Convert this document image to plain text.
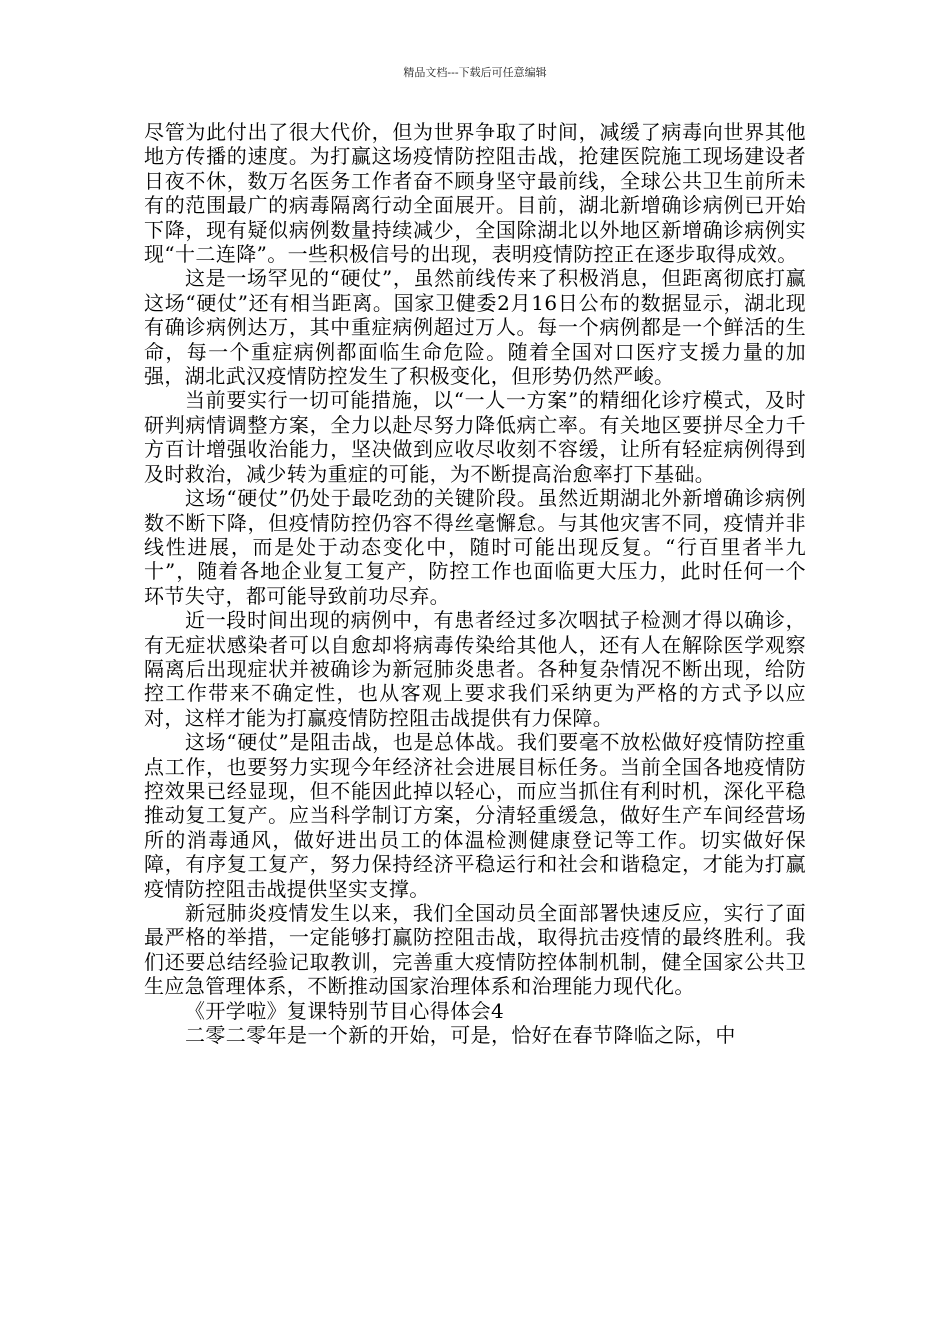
精品文档---下载后可任意编辑

尽管为此付出了很大代价，但为世界争取了时间，减缓了病毒向世界其他地方传播的速度。为打赢这场疫情防控阻击战，抢建医院施工现场建设者日夜不休，数万名医务工作者奋不顾身坚守最前线，全球公共卫生前所未有的范围最广的病毒隔离行动全面展开。目前，湖北新增确诊病例已开始下降，现有疑似病例数量持续减少，全国除湖北以外地区新增确诊病例实现“十二连降”。一些积极信号的出现，表明疫情防控正在逐步取得成效。

这是一场罕见的“硬仗”，虽然前线传来了积极消息，但距离彻底打赢这场“硬仗”还有相当距离。国家卫健委2月16日公布的数据显示，湖北现有确诊病例达万，其中重症病例超过万人。每一个病例都是一个鲜活的生命，每一个重症病例都面临生命危险。随着全国对口医疗支援力量的加强，湖北武汉疫情防控发生了积极变化，但形势仍然严峻。

当前要实行一切可能措施，以“一人一方案”的精细化诊疗模式，及时研判病情调整方案，全力以赴尽努力降低病亡率。有关地区要拼尽全力千方百计增强收治能力，坚决做到应收尽收刻不容缓，让所有轻症病例得到及时救治，减少转为重症的可能，为不断提高治愈率打下基础。

这场“硬仗”仍处于最吃劲的关键阶段。虽然近期湖北外新增确诊病例数不断下降，但疫情防控仍容不得丝毫懈怠。与其他灾害不同，疫情并非线性进展，而是处于动态变化中，随时可能出现反复。“行百里者半九十”，随着各地企业复工复产，防控工作也面临更大压力，此时任何一个环节失守，都可能导致前功尽弃。

近一段时间出现的病例中，有患者经过多次咽拭子检测才得以确诊，有无症状感染者可以自愈却将病毒传染给其他人，还有人在解除医学观察隔离后出现症状并被确诊为新冠肺炎患者。各种复杂情况不断出现，给防控工作带来不确定性，也从客观上要求我们采纳更为严格的方式予以应对，这样才能为打赢疫情防控阻击战提供有力保障。

这场“硬仗”是阻击战，也是总体战。我们要毫不放松做好疫情防控重点工作，也要努力实现今年经济社会进展目标任务。当前全国各地疫情防控效果已经显现，但不能因此掉以轻心，而应当抓住有利时机，深化平稳推动复工复产。应当科学制订方案，分清轻重缓急，做好生产车间经营场所的消毒通风，做好进出员工的体温检测健康登记等工作。切实做好保障，有序复工复产，努力保持经济平稳运行和社会和谐稳定，才能为打赢疫情防控阻击战提供坚实支撑。

新冠肺炎疫情发生以来，我们全国动员全面部署快速反应，实行了面最严格的举措，一定能够打赢防控阻击战，取得抗击疫情的最终胜利。我们还要总结经验记取教训，完善重大疫情防控体制机制，健全国家公共卫生应急管理体系，不断推动国家治理体系和治理能力现代化。

《开学啦》复课特别节目心得体会4

二零二零年是一个新的开始，可是，恰好在春节降临之际，中
